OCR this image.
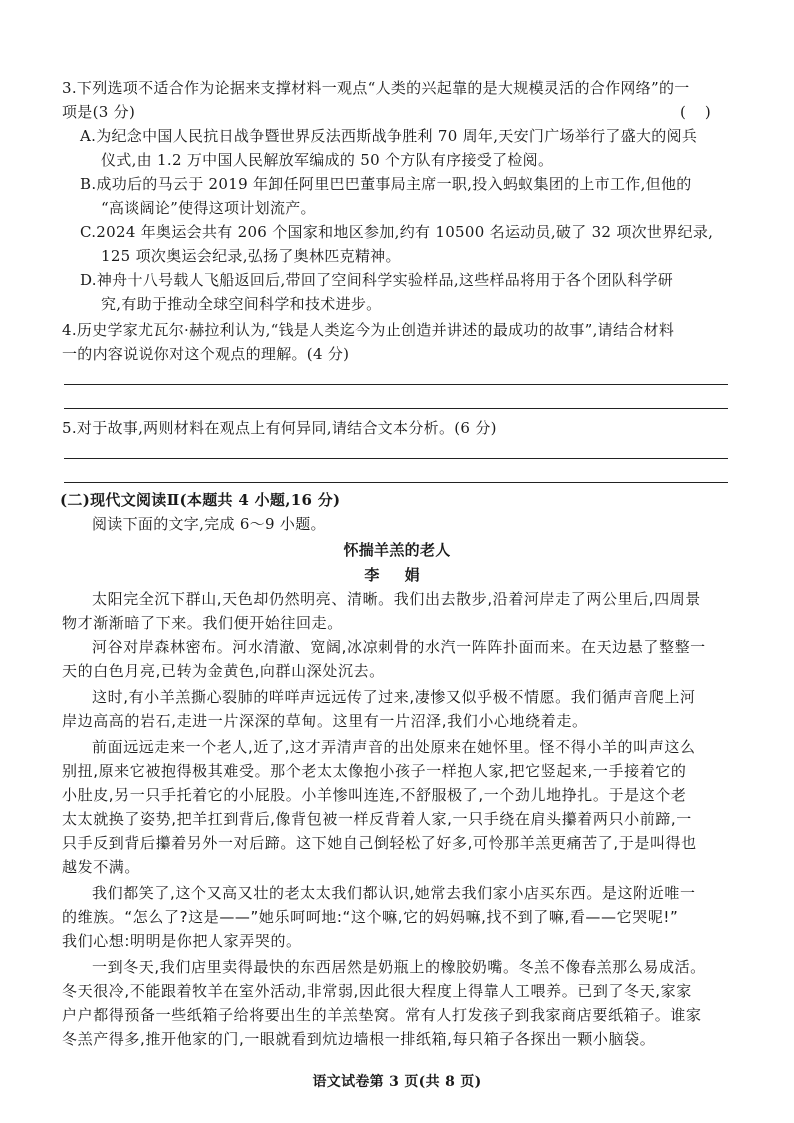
3.下列选项不适合作为论据来支撑材料一观点“人类的兴起靠的是大规模灵活的合作网络”的一
项是(3 分)	(    )
A.为纪念中国人民抗日战争暨世界反法西斯战争胜利 70 周年,天安门广场举行了盛大的阅兵
仪式,由 1.2 万中国人民解放军编成的 50 个方队有序接受了检阅。
B.成功后的马云于 2019 年卸任阿里巴巴董事局主席一职,投入蚂蚁集团的上市工作,但他的
“高谈阔论”使得这项计划流产。
C.2024 年奥运会共有 206 个国家和地区参加,约有 10500 名运动员,破了 32 项次世界纪录,
125 项次奥运会纪录,弘扬了奥林匹克精神。
D.神舟十八号载人飞船返回后,带回了空间科学实验样品,这些样品将用于各个团队科学研
究,有助于推动全球空间科学和技术进步。
4.历史学家尤瓦尔·赫拉利认为,“钱是人类迄今为止创造并讲述的最成功的故事”,请结合材料
一的内容说说你对这个观点的理解。(4 分)
5.对于故事,两则材料在观点上有何异同,请结合文本分析。(6 分)
(二)现代文阅读Ⅱ(本题共 4 小题,16 分)
阅读下面的文字,完成 6～9 小题。
怀揣羊羔的老人
李 娟
太阳完全沉下群山,天色却仍然明亮、清晰。我们出去散步,沿着河岸走了两公里后,四周景
物才渐渐暗了下来。我们便开始往回走。
河谷对岸森林密布。河水清澈、宽阔,冰凉刺骨的水汽一阵阵扑面而来。在天边悬了整整一
天的白色月亮,已转为金黄色,向群山深处沉去。
这时,有小羊羔撕心裂肺的咩咩声远远传了过来,凄惨又似乎极不情愿。我们循声音爬上河
岸边高高的岩石,走进一片深深的草甸。这里有一片沼泽,我们小心地绕着走。
前面远远走来一个老人,近了,这才弄清声音的出处原来在她怀里。怪不得小羊的叫声这么
别扭,原来它被抱得极其难受。那个老太太像抱小孩子一样抱人家,把它竖起来,一手接着它的
小肚皮,另一只手托着它的小屁股。小羊惨叫连连,不舒服极了,一个劲儿地挣扎。于是这个老
太太就换了姿势,把羊扛到背后,像背包被一样反背着人家,一只手绕在肩头攥着两只小前蹄,一
只手反到背后攥着另外一对后蹄。这下她自己倒轻松了好多,可怜那羊羔更痛苦了,于是叫得也
越发不满。
我们都笑了,这个又高又壮的老太太我们都认识,她常去我们家小店买东西。是这附近唯一
的维族。“怎么了?这是——”她乐呵呵地:“这个嘛,它的妈妈嘛,找不到了嘛,看——它哭呢!”
我们心想:明明是你把人家弄哭的。
一到冬天,我们店里卖得最快的东西居然是奶瓶上的橡胶奶嘴。冬羔不像春羔那么易成活。
冬天很冷,不能跟着牧羊在室外活动,非常弱,因此很大程度上得靠人工喂养。已到了冬天,家家
户户都得预备一些纸箱子给将要出生的羊羔垫窝。常有人打发孩子到我家商店要纸箱子。谁家
冬羔产得多,推开他家的门,一眼就看到炕边墙根一排纸箱,每只箱子各探出一颗小脑袋。
语文试卷第 3 页(共 8 页)
